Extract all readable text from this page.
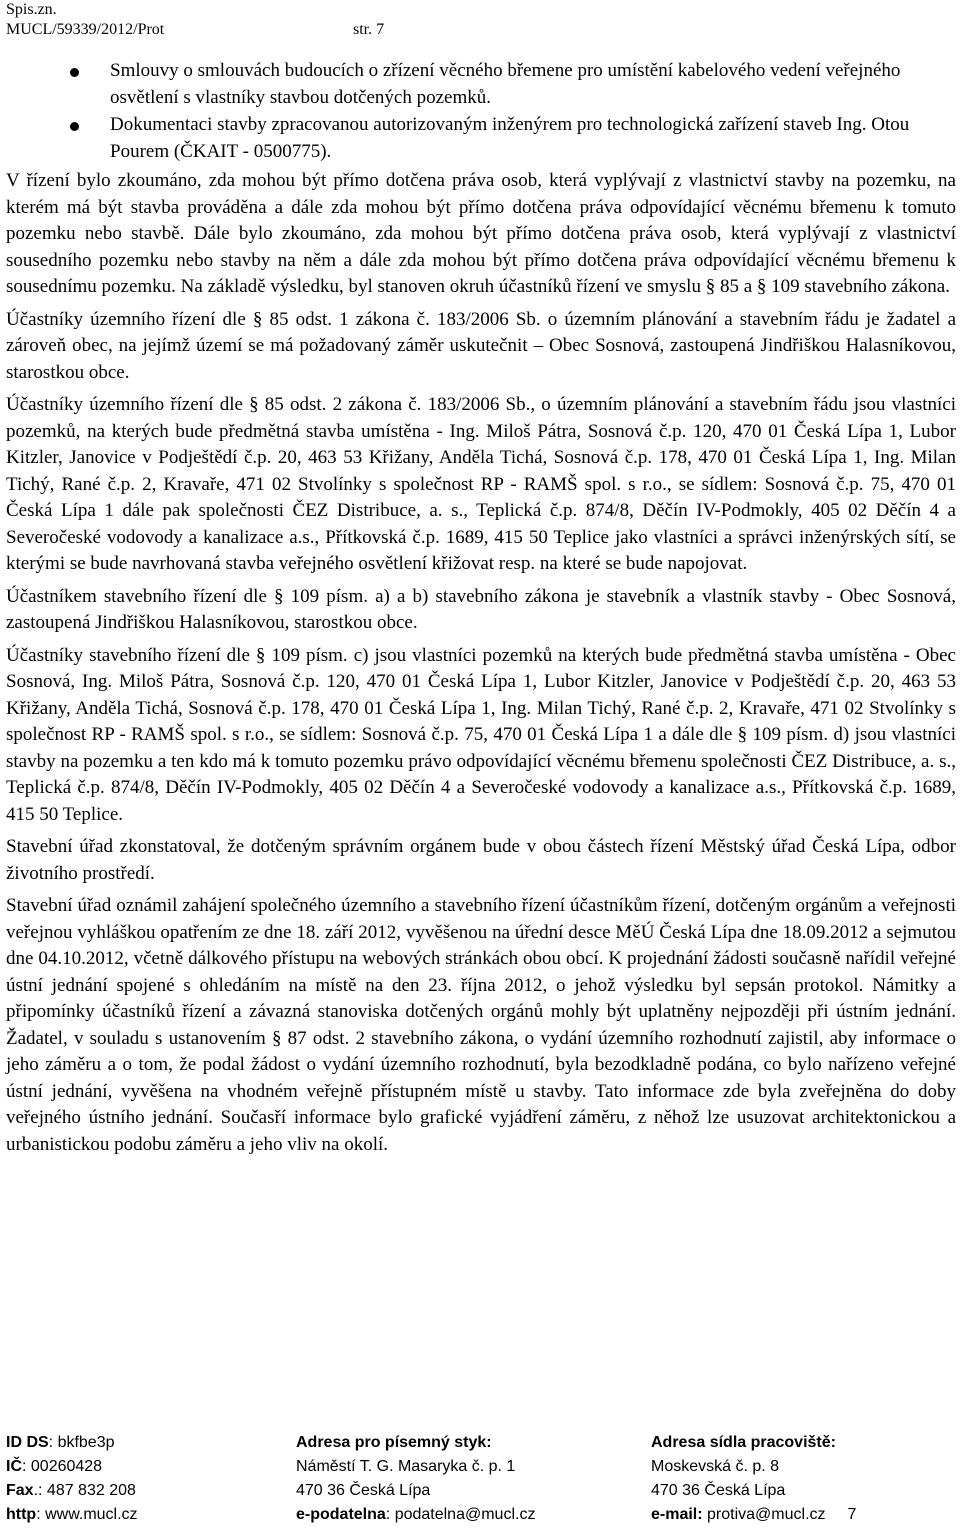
Spis.zn. MUCL/59339/2012/Prot	str. 7
Smlouvy o smlouvách budoucích o zřízení věcného břemene pro umístění kabelového vedení veřejného osvětlení s vlastníky stavbou dotčených pozemků.
Dokumentaci stavby zpracovanou autorizovaným inženýrem pro technologická zařízení staveb Ing. Otou Pourem (ČKAIT - 0500775).

V řízení bylo zkoumáno, zda mohou být přímo dotčena práva osob, která vyplývají z vlastnictví stavby na pozemku, na kterém má být stavba prováděna a dále zda mohou být přímo dotčena práva odpovídající věcnému břemenu k tomuto pozemku nebo stavbě. Dále bylo zkoumáno, zda mohou být přímo dotčena práva osob, která vyplývají z vlastnictví sousedního pozemku nebo stavby na něm a dále zda mohou být přímo dotčena práva odpovídající věcnému břemenu k sousednímu pozemku. Na základě výsledku, byl stanoven okruh účastníků řízení ve smyslu § 85 a § 109 stavebního zákona.

Účastníky územního řízení dle § 85 odst. 1 zákona č. 183/2006 Sb. o územním plánování a stavebním řádu je žadatel a zároveň obec, na jejímž území se má požadovaný záměr uskutečnit – Obec Sosnová, zastoupená Jindřiškou Halasníkovou, starostkou obce.

Účastníky územního řízení dle § 85 odst. 2 zákona č. 183/2006 Sb., o územním plánování a stavebním řádu jsou vlastníci pozemků, na kterých bude předmětná stavba umístěna - Ing. Miloš Pátra, Sosnová č.p. 120, 470 01 Česká Lípa 1, Lubor Kitzler, Janovice v Podještědí č.p. 20, 463 53 Křižany, Anděla Tichá, Sosnová č.p. 178, 470 01 Česká Lípa 1, Ing. Milan Tichý, Rané č.p. 2, Kravaře, 471 02 Stvolínky s společnost RP - RAMŠ spol. s r.o., se sídlem: Sosnová č.p. 75, 470 01 Česká Lípa 1 dále pak společnosti ČEZ Distribuce, a. s., Teplická č.p. 874/8, Děčín IV-Podmokly, 405 02 Děčín 4 a Severočeské vodovody a kanalizace a.s., Přítkovská č.p. 1689, 415 50 Teplice jako vlastníci a správci inženýrských sítí, se kterými se bude navrhovaná stavba veřejného osvětlení křižovat resp. na které se bude napojovat.

Účastníkem stavebního řízení dle § 109 písm. a) a b) stavebního zákona je stavebník a vlastník stavby - Obec Sosnová, zastoupená Jindřiškou Halasníkovou, starostkou obce.

Účastníky stavebního řízení dle § 109 písm. c) jsou vlastníci pozemků na kterých bude předmětná stavba umístěna - Obec Sosnová, Ing. Miloš Pátra, Sosnová č.p. 120, 470 01 Česká Lípa 1, Lubor Kitzler, Janovice v Podještědí č.p. 20, 463 53 Křižany, Anděla Tichá, Sosnová č.p. 178, 470 01 Česká Lípa 1, Ing. Milan Tichý, Rané č.p. 2, Kravaře, 471 02 Stvolínky s společnost RP - RAMŠ spol. s r.o., se sídlem: Sosnová č.p. 75, 470 01 Česká Lípa 1 a dále dle § 109 písm. d) jsou vlastníci stavby na pozemku a ten kdo má k tomuto pozemku právo odpovídající věcnému břemenu společnosti ČEZ Distribuce, a. s., Teplická č.p. 874/8, Děčín IV-Podmokly, 405 02 Děčín 4 a Severočeské vodovody a kanalizace a.s., Přítkovská č.p. 1689, 415 50 Teplice.

Stavební úřad zkonstatoval, že dotčeným správním orgánem bude v obou částech řízení Městský úřad Česká Lípa, odbor životního prostředí.

Stavební úřad oznámil zahájení společného územního a stavebního řízení účastníkům řízení, dotčeným orgánům a veřejnosti veřejnou vyhláškou opatřením ze dne 18. září 2012, vyvěšenou na úřední desce MěÚ Česká Lípa dne 18.09.2012 a sejmutou dne 04.10.2012, včetně dálkového přístupu na webových stránkách obou obcí. K projednání žádosti současně nařídil veřejné ústní jednání spojené s ohledáním na místě na den 23. října 2012, o jehož výsledku byl sepsán protokol. Námitky a připomínky účastníků řízení a závazná stanoviska dotčených orgánů mohly být uplatněny nejpozději při ústním jednání. Žadatel, v souladu s ustanovením § 87 odst. 2 stavebního zákona, o vydání územního rozhodnutí zajistil, aby informace o jeho záměru a o tom, že podal žádost o vydání územního rozhodnutí, byla bezodkladně podána, co bylo nařízeno veřejné ústní jednání, vyvěšena na vhodném veřejně přístupném místě u stavby. Tato informace zde byla zveřejněna do doby veřejného ústního jednání. Současří informace bylo grafické vyjádření záměru, z něhož lze usuzovat architektonickou a urbanistickou podobu záměru a jeho vliv na okolí.

ID DS: bkfbe3p
IČ: 00260428
Fax.: 487 832 208
http: www.mucl.cz
Adresa pro písemný styk:
Náměstí T. G. Masaryka č. p. 1
470 36 Česká Lípa
e-podatelna: podatelna@mucl.cz
Adresa sídla pracoviště:
Moskevská č. p. 8
470 36 Česká Lípa
e-mail: protiva@mucl.cz 7
